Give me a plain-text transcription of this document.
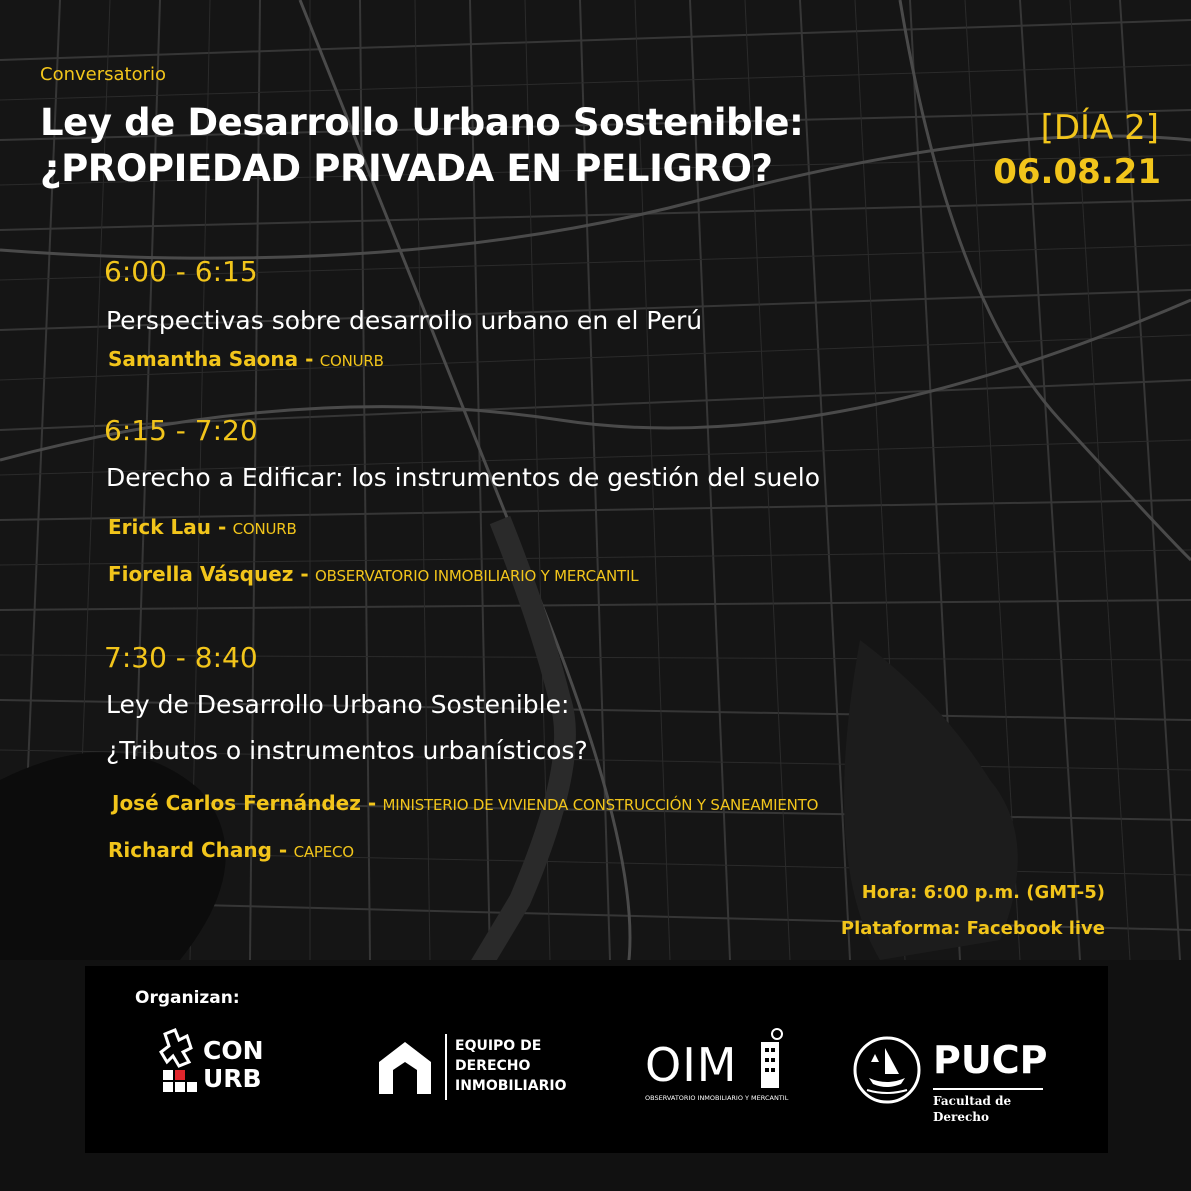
Conversatorio

Ley de Desarrollo Urbano Sostenible:
¿PROPIEDAD PRIVADA EN PELIGRO?

[DÍA 2]

06.08.21

6:00 - 6:15

Perspectivas sobre desarrollo urbano en el Perú

Samantha Saona - CONURB

6:15 - 7:20

Derecho a Edificar: los instrumentos de gestión del suelo

Erick Lau - CONURB

Fiorella Vásquez - OBSERVATORIO INMOBILIARIO Y MERCANTIL

7:30 - 8:40

Ley de Desarrollo Urbano Sostenible:

¿Tributos o instrumentos urbanísticos?

José Carlos Fernández - MINISTERIO DE VIVIENDA CONSTRUCCIÓN Y SANEAMIENTO

Richard Chang - CAPECO

Hora: 6:00 p.m. (GMT-5)

Plataforma: Facebook live

Organizan:
CON
URB
EQUIPO DE
DERECHO
INMOBILIARIO OIM
OBSERVATORIO INMOBILIARIO Y MERCANTIL
PUCP
Facultad de
Derecho
